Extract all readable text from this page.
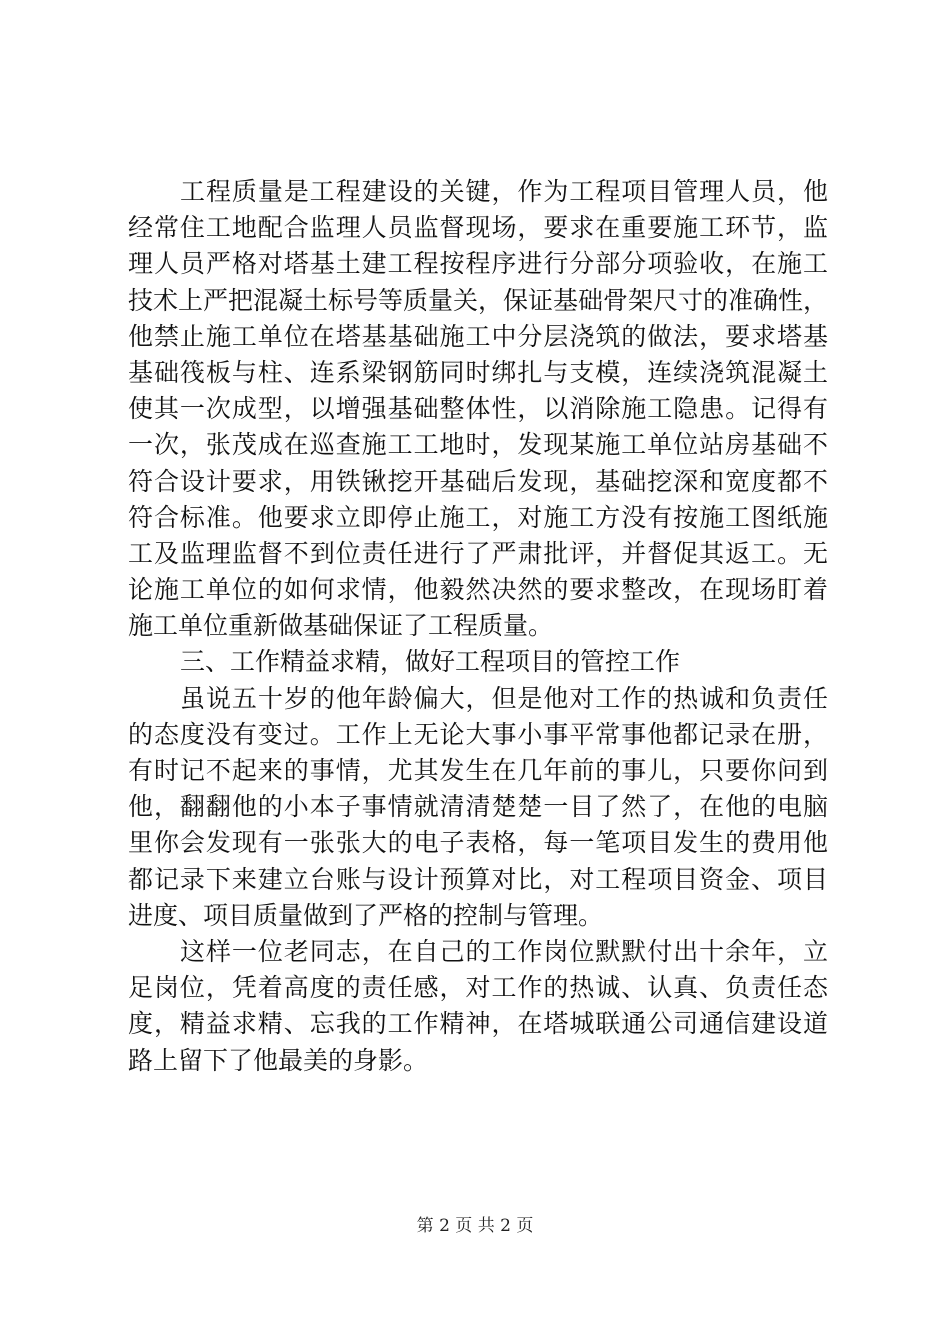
工程质量是工程建设的关键，作为工程项目管理人员，他
经常住工地配合监理人员监督现场，要求在重要施工环节，监
理人员严格对塔基土建工程按程序进行分部分项验收，在施工
技术上严把混凝土标号等质量关，保证基础骨架尺寸的准确性，
他禁止施工单位在塔基基础施工中分层浇筑的做法，要求塔基
基础筏板与柱、连系梁钢筋同时绑扎与支模，连续浇筑混凝土
使其一次成型，以增强基础整体性，以消除施工隐患。记得有
一次，张茂成在巡查施工工地时，发现某施工单位站房基础不
符合设计要求，用铁锹挖开基础后发现，基础挖深和宽度都不
符合标准。他要求立即停止施工，对施工方没有按施工图纸施
工及监理监督不到位责任进行了严肃批评，并督促其返工。无
论施工单位的如何求情，他毅然决然的要求整改，在现场盯着
施工单位重新做基础保证了工程质量。
三、工作精益求精，做好工程项目的管控工作
虽说五十岁的他年龄偏大，但是他对工作的热诚和负责任
的态度没有变过。工作上无论大事小事平常事他都记录在册，
有时记不起来的事情，尤其发生在几年前的事儿，只要你问到
他，翻翻他的小本子事情就清清楚楚一目了然了，在他的电脑
里你会发现有一张张大的电子表格，每一笔项目发生的费用他
都记录下来建立台账与设计预算对比，对工程项目资金、项目
进度、项目质量做到了严格的控制与管理。
这样一位老同志，在自己的工作岗位默默付出十余年，立
足岗位，凭着高度的责任感，对工作的热诚、认真、负责任态
度，精益求精、忘我的工作精神，在塔城联通公司通信建设道
路上留下了他最美的身影。
第 2 页 共 2 页
